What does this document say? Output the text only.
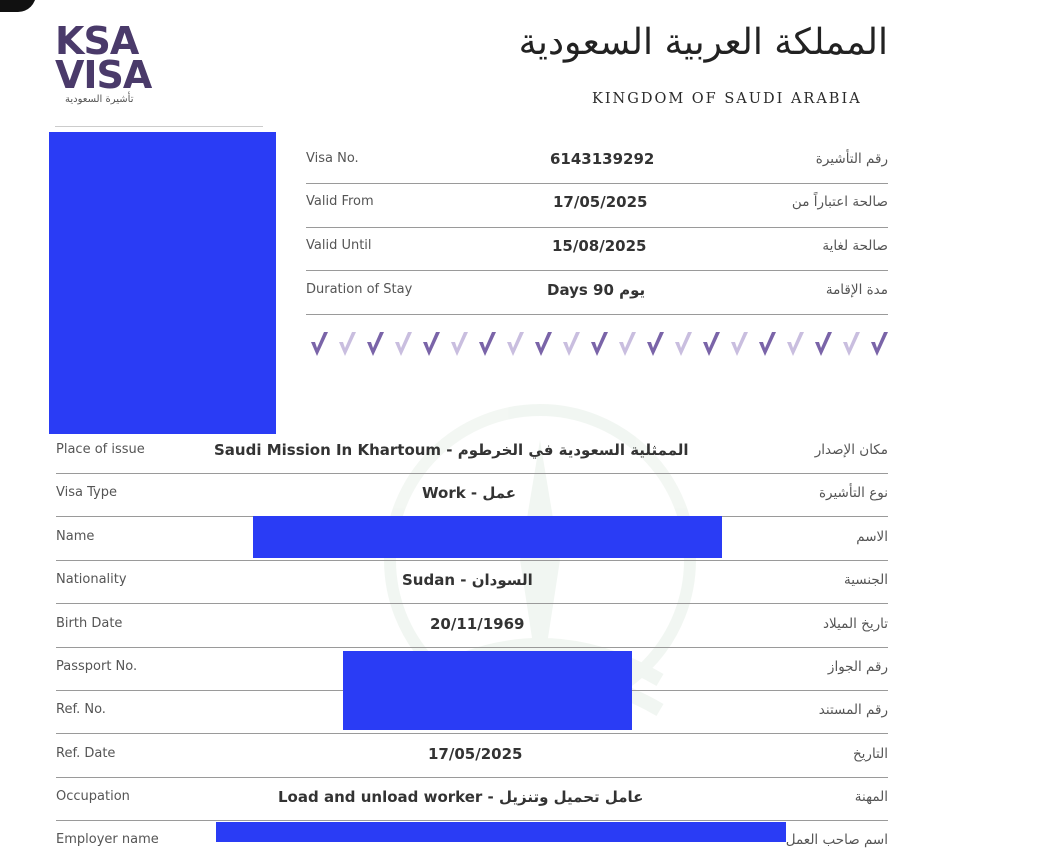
KSA
VISA
تأشيرة السعودية
المملكة العربية السعودية
KINGDOM OF SAUDI ARABIA
Visa No.	6143139292	رقم التأشيرة
Valid From	17/05/2025	صالحة اعتباراً من
Valid Until	15/08/2025	صالحة لغاية
Duration of Stay	Days 90 يوم	مدة الإقامة
Place of issue	Saudi Mission In Khartoum - الممثلية السعودية في الخرطوم	مكان الإصدار
Visa Type	Work - عمل	نوع التأشيرة
Name	الاسم
Nationality	Sudan - السودان	الجنسية
Birth Date	20/11/1969	تاريخ الميلاد
Passport No.	رقم الجواز
Ref. No.	رقم المستند
Ref. Date	17/05/2025	التاريخ
Occupation	Load and unload worker - عامل تحميل وتنزيل	المهنة
Employer name	اسم صاحب العمل
